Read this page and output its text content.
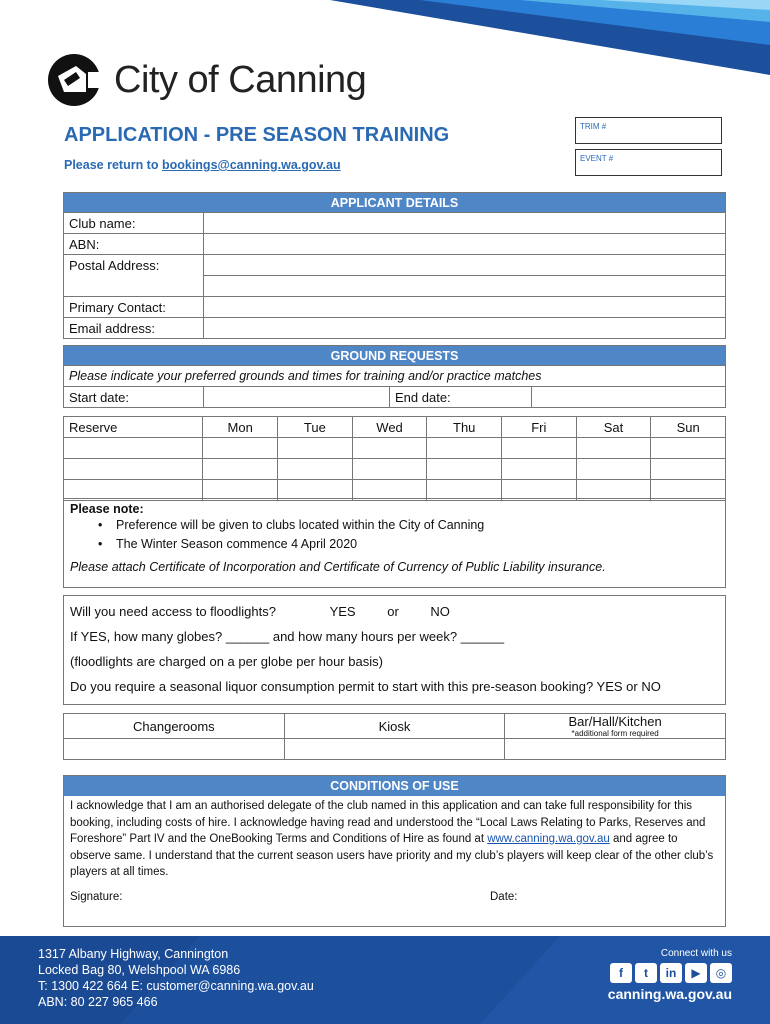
City of Canning
APPLICATION - PRE SEASON TRAINING
Please return to bookings@canning.wa.gov.au
TRIM #
EVENT #
APPLICANT DETAILS	
Club name:	
ABN:	
Postal Address:	

Primary Contact:	
Email address:	
GROUND REQUESTS
Please indicate your preferred grounds and times for training and/or practice matches
Start date:		End date:	
Reserve	Mon	Tue	Wed	Thu	Fri	Sat	Sun

Please note:
• Preference will be given to clubs located within the City of Canning
• The Winter Season commence 4 April 2020
Please attach Certificate of Incorporation and Certificate of Currency of Public Liability insurance.
Will you need access to floodlights?	YES or NO
If YES, how many globes? ______ and how many hours per week? ______
(floodlights are charged on a per globe per hour basis)
Do you require a seasonal liquor consumption permit to start with this pre-season booking? YES or NO
Changerooms	Kiosk	Bar/Hall/Kitchen
*additional form required

CONDITIONS OF USE
I acknowledge that I am an authorised delegate of the club named in this application and can take full responsibility for this booking, including costs of hire. I acknowledge having read and understood the “Local Laws Relating to Parks, Reserves and Foreshore” Part IV and the OneBooking Terms and Conditions of Hire as found at www.canning.wa.gov.au and agree to observe same. I understand that the current season users have priority and my club’s players will keep clear of the other club’s players at all times.
Signature:	Date:
1317 Albany Highway, Cannington
Locked Bag 80, Welshpool WA 6986
T: 1300 422 664 E: customer@canning.wa.gov.au
ABN: 80 227 965 466
Connect with us
f	t	in	▶	◎
canning.wa.gov.au
